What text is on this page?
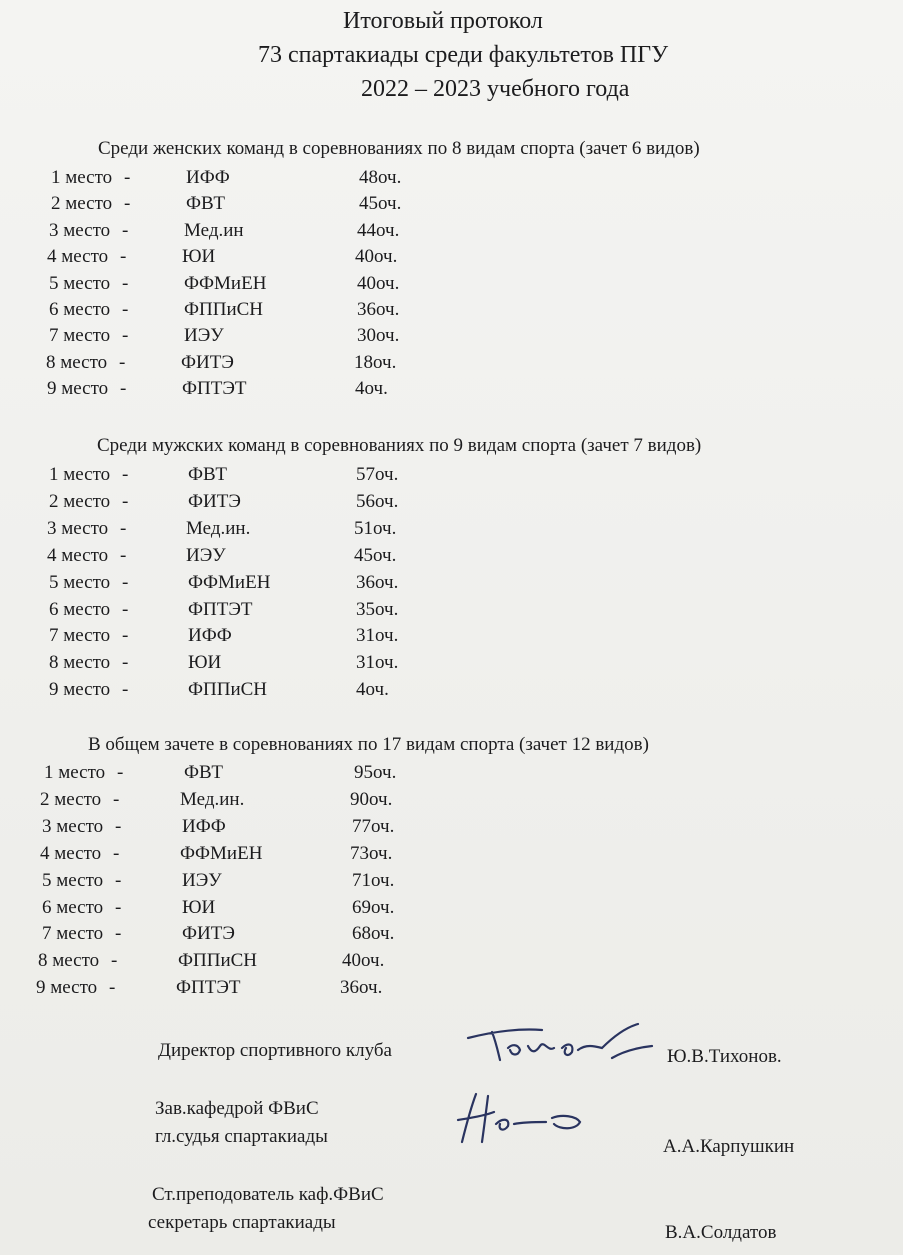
Итоговый протокол
73 спартакиады среди факультетов ПГУ
2022 – 2023 учебного года
Среди женских команд в соревнованиях по 8 видам спорта (зачет 6 видов)
1 место -	ИФФ	48оч.
2 место -	ФВТ	45оч.
3 место -	Мед.ин	44оч.
4 место -	ЮИ	40оч.
5 место -	ФФМиЕН	40оч.
6 место -	ФППиСН	36оч.
7 место -	ИЭУ	30оч.
8 место -	ФИТЭ	18оч.
9 место -	ФПТЭТ	4оч.
Среди мужских команд в соревнованиях по 9 видам спорта (зачет 7 видов)
1 место -	ФВТ	57оч.
2 место -	ФИТЭ	56оч.
3 место -	Мед.ин.	51оч.
4 место -	ИЭУ	45оч.
5 место -	ФФМиЕН	36оч.
6 место -	ФПТЭТ	35оч.
7 место -	ИФФ	31оч.
8 место -	ЮИ	31оч.
9 место -	ФППиСН	4оч.
В общем зачете в соревнованиях по 17 видам спорта (зачет 12 видов)
1 место -	ФВТ	95оч.
2 место -	Мед.ин.	90оч.
3 место -	ИФФ	77оч.
4 место -	ФФМиЕН	73оч.
5 место -	ИЭУ	71оч.
6 место -	ЮИ	69оч.
7 место -	ФИТЭ	68оч.
8 место -	ФППиСН	40оч.
9 место -	ФПТЭТ	36оч.
Директор спортивного клуба	Ю.В.Тихонов.
Зав.кафедрой ФВиС
гл.судья спартакиады	А.А.Карпушкин
Ст.преподователь каф.ФВиС
секретарь спартакиады	В.А.Солдатов
